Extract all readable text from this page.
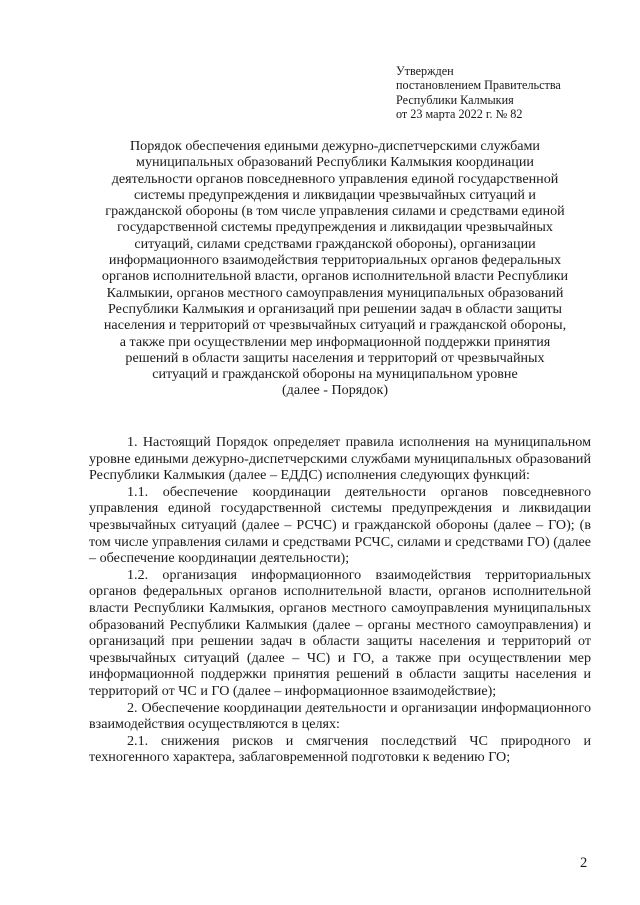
Утвержден
постановлением Правительства
Республики Калмыкия
от 23 марта 2022 г. № 82
Порядок обеспечения едиными дежурно-диспетчерскими службами
муниципальных образований Республики Калмыкия координации
деятельности органов повседневного управления единой государственной
системы предупреждения и ликвидации чрезвычайных ситуаций и
гражданской обороны (в том числе управления силами и средствами единой
государственной системы предупреждения и ликвидации чрезвычайных
ситуаций, силами средствами гражданской обороны), организации
информационного взаимодействия территориальных органов федеральных
органов исполнительной власти, органов исполнительной власти Республики
Калмыкии, органов местного самоуправления муниципальных образований
Республики Калмыкия и организаций при решении задач в области защиты
населения и территорий от чрезвычайных ситуаций и гражданской обороны,
а также при осуществлении мер информационной поддержки принятия
решений в области защиты населения и территорий от чрезвычайных
ситуаций и гражданской обороны на муниципальном уровне
(далее - Порядок)

1. Настоящий Порядок определяет правила исполнения на муниципальном уровне едиными дежурно-диспетчерскими службами муниципальных образований Республики Калмыкия (далее – ЕДДС) исполнения следующих функций:

1.1. обеспечение координации деятельности органов повседневного управления единой государственной системы предупреждения и ликвидации чрезвычайных ситуаций (далее – РСЧС) и гражданской обороны (далее – ГО); (в том числе управления силами и средствами РСЧС, силами и средствами ГО) (далее – обеспечение координации деятельности);

1.2. организация информационного взаимодействия территориальных органов федеральных органов исполнительной власти, органов исполнительной власти Республики Калмыкия, органов местного самоуправления муниципальных образований Республики Калмыкия (далее – органы местного самоуправления) и организаций при решении задач в области защиты населения и территорий от чрезвычайных ситуаций (далее – ЧС) и ГО, а также при осуществлении мер информационной поддержки принятия решений в области защиты населения и территорий от ЧС и ГО (далее – информационное взаимодействие);

2. Обеспечение координации деятельности и организации информационного взаимодействия осуществляются в целях:

2.1. снижения рисков и смягчения последствий ЧС природного и техногенного характера, заблаговременной подготовки к ведению ГО;

2
